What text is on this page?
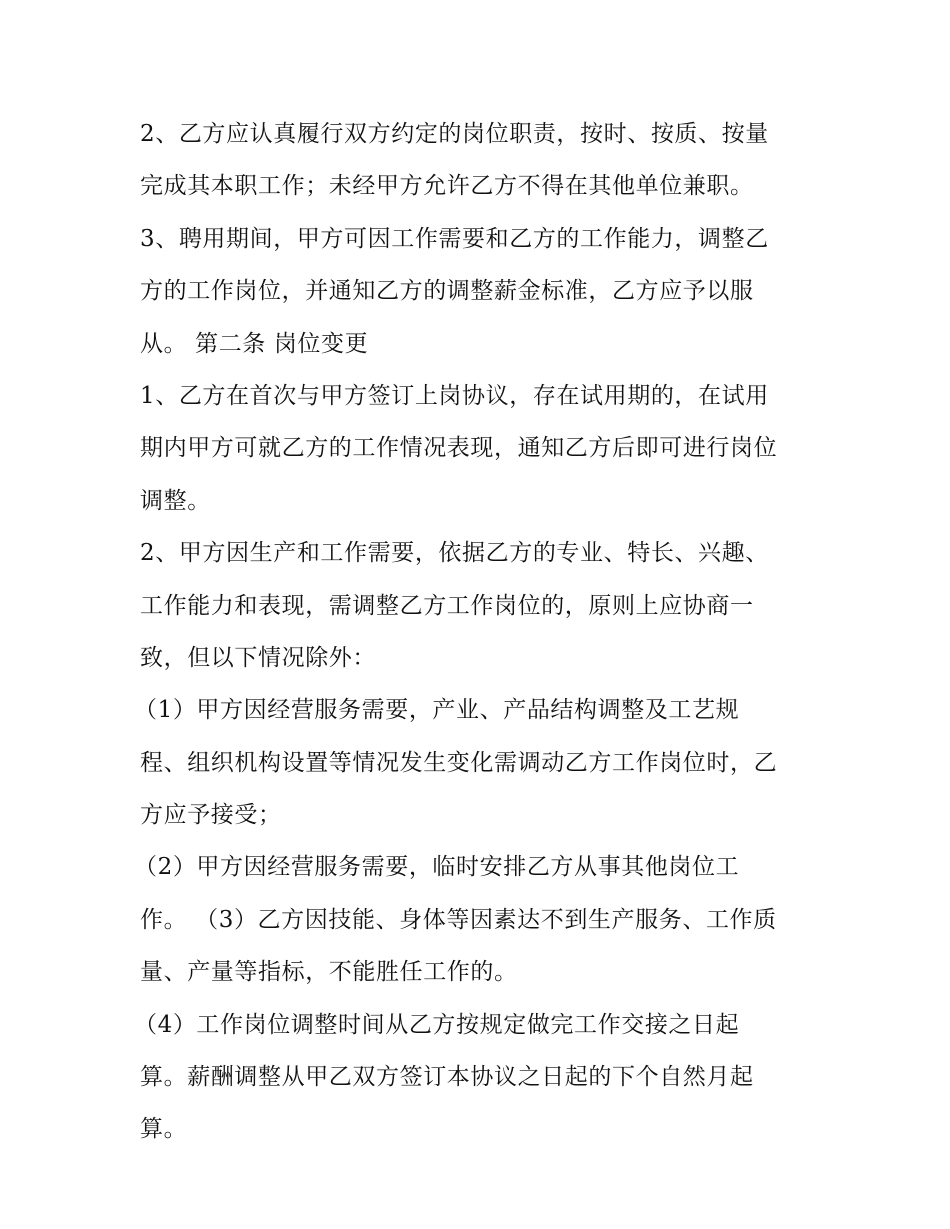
2、乙方应认真履行双方约定的岗位职责，按时、按质、按量
完成其本职工作；未经甲方允许乙方不得在其他单位兼职。
3、聘用期间，甲方可因工作需要和乙方的工作能力，调整乙
方的工作岗位，并通知乙方的调整薪金标准，乙方应予以服
从。 第二条 岗位变更
1、乙方在首次与甲方签订上岗协议，存在试用期的，在试用
期内甲方可就乙方的工作情况表现，通知乙方后即可进行岗位
调整。
2、甲方因生产和工作需要，依据乙方的专业、特长、兴趣、
工作能力和表现，需调整乙方工作岗位的，原则上应协商一
致，但以下情况除外：
（1）甲方因经营服务需要，产业、产品结构调整及工艺规
程、组织机构设置等情况发生变化需调动乙方工作岗位时，乙
方应予接受；
（2）甲方因经营服务需要，临时安排乙方从事其他岗位工
作。 （3）乙方因技能、身体等因素达不到生产服务、工作质
量、产量等指标，不能胜任工作的。
（4）工作岗位调整时间从乙方按规定做完工作交接之日起
算。薪酬调整从甲乙双方签订本协议之日起的下个自然月起
算。
